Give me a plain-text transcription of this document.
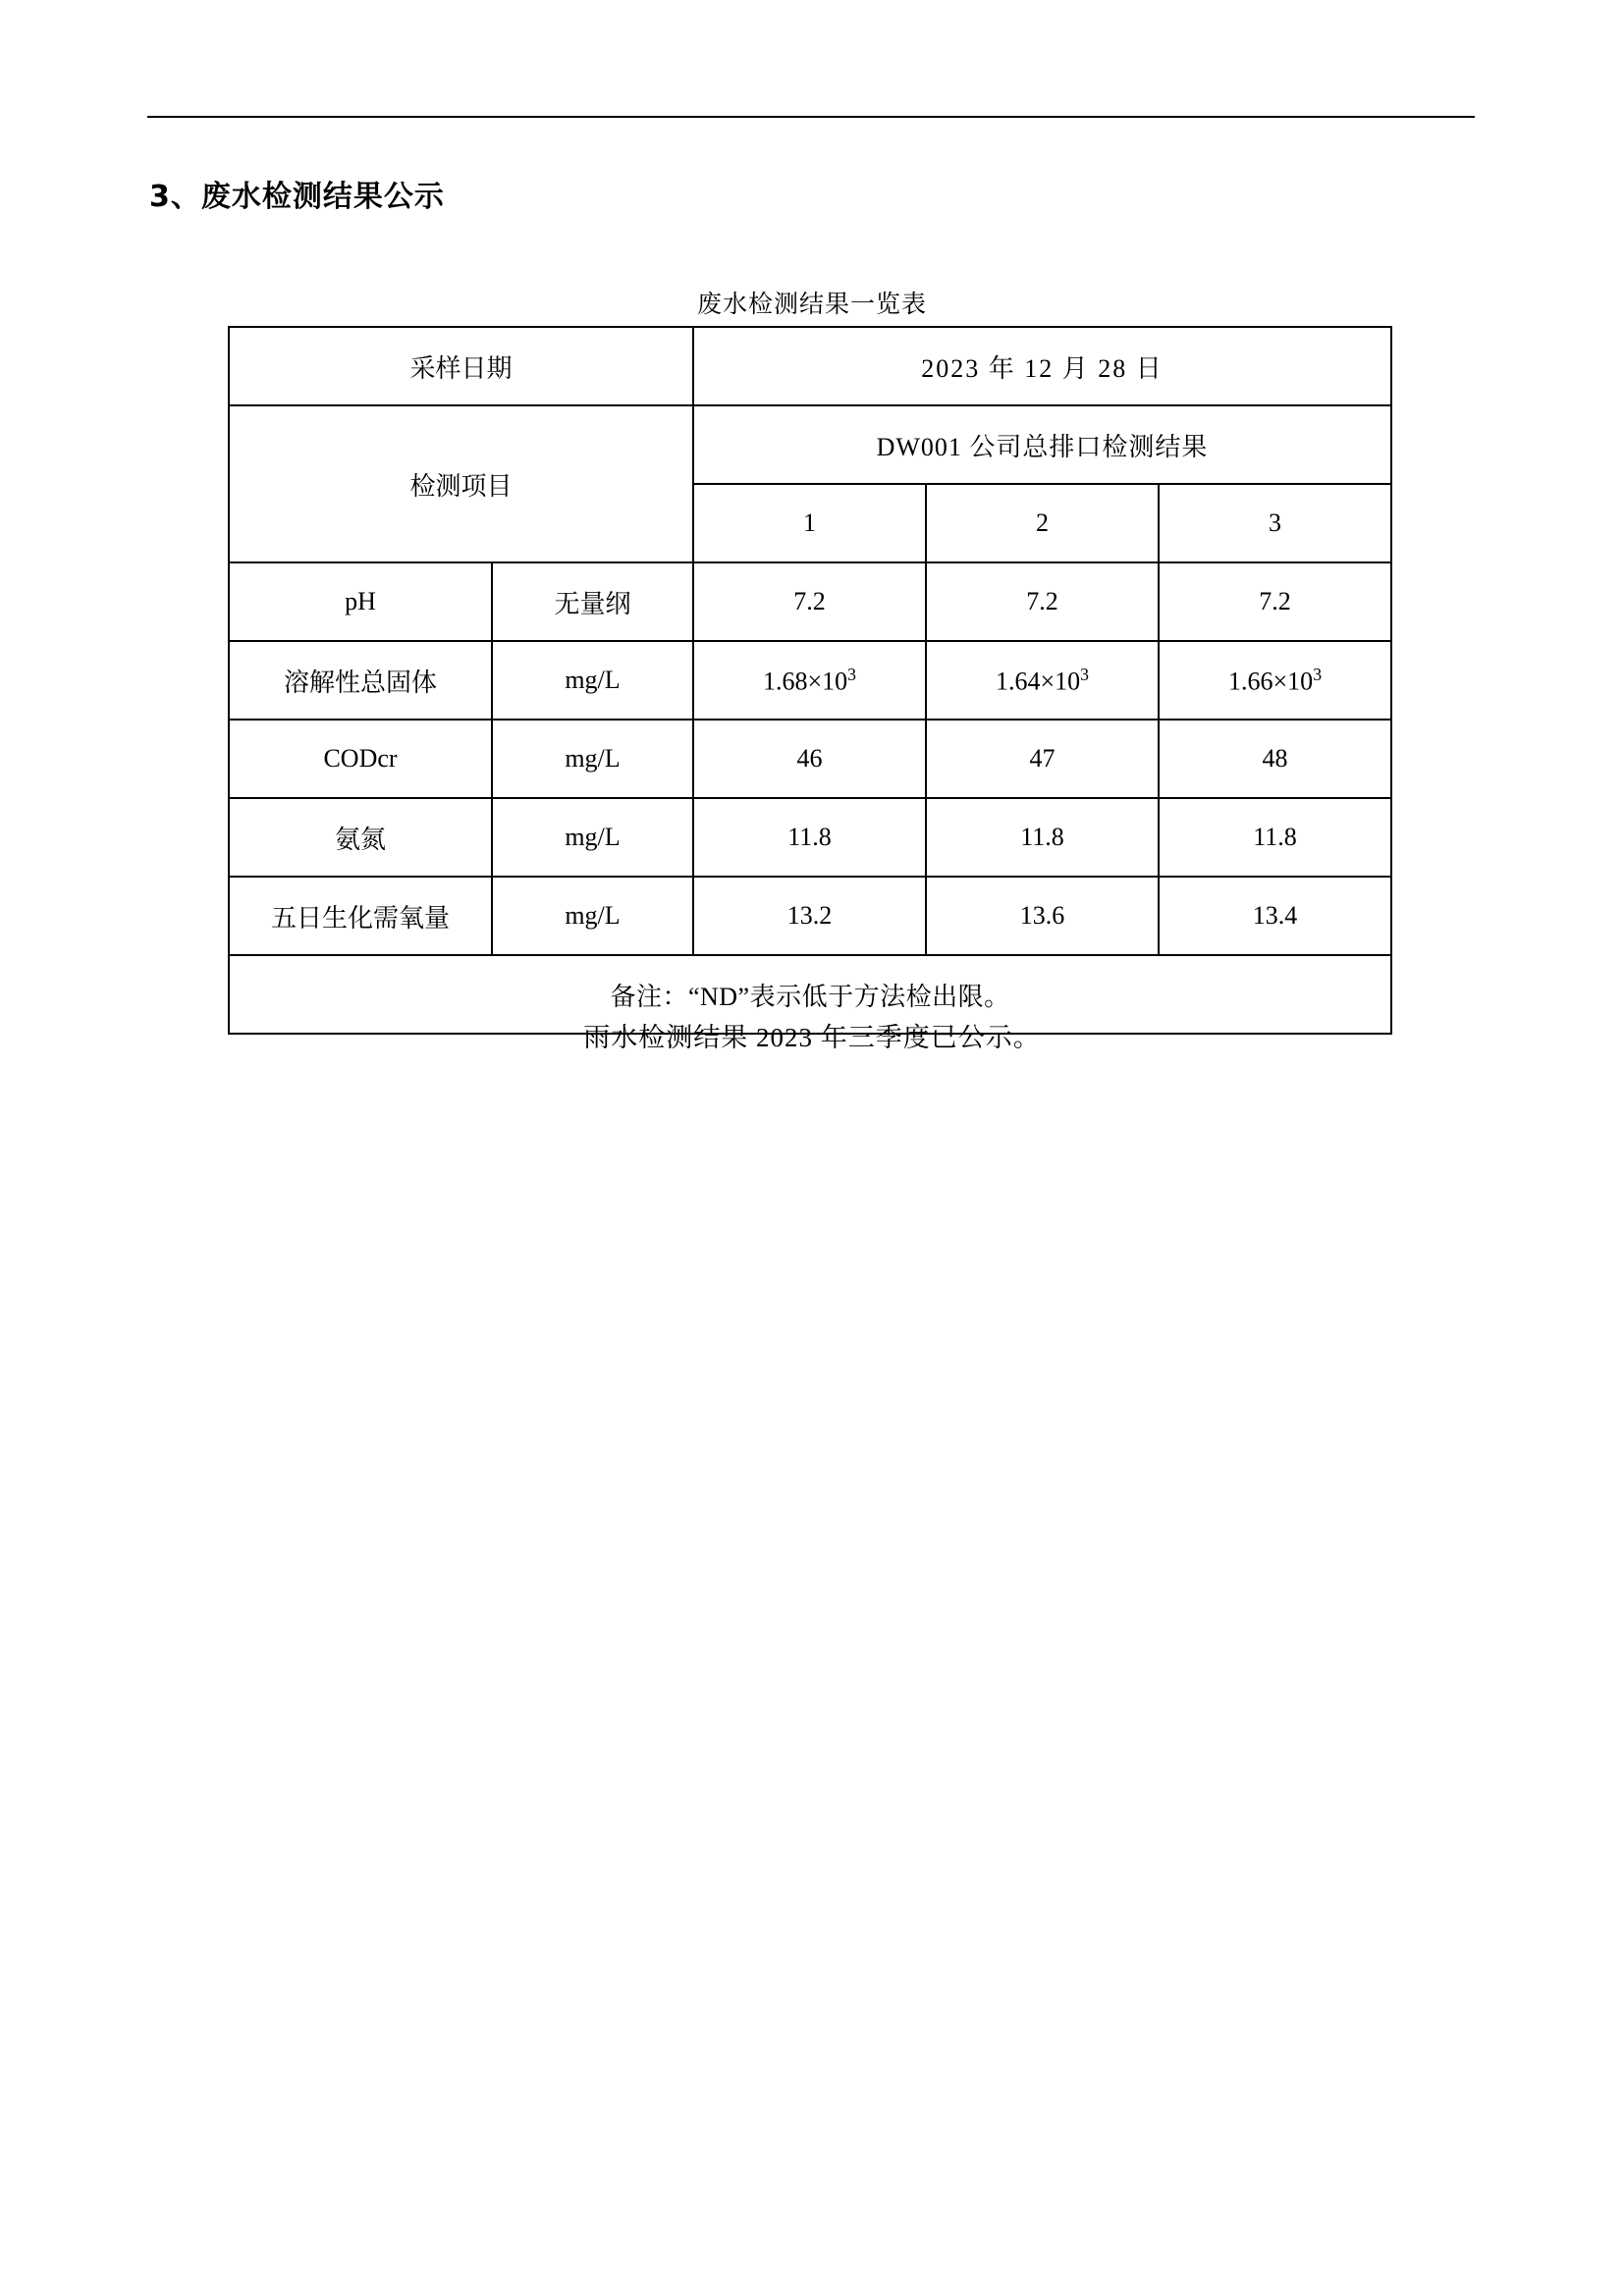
3、废水检测结果公示
废水检测结果一览表
采样日期		2023 年 12 月 28 日		
检测项目		DW001 公司总排口检测结果		
		1	2	3
pH	无量纲	7.2	7.2	7.2
溶解性总固体	mg/L	$1.68\times 10^3$	$1.64\times 10^3$	$1.66\times 10^3$
CODcr	mg/L	46	47	48
氨氮	mg/L	11.8	11.8	11.8
五日生化需氧量	mg/L	13.2	13.6	13.4
备注：“ND”表示低于方法检出限。				
雨水检测结果 2023 年三季度已公示。
